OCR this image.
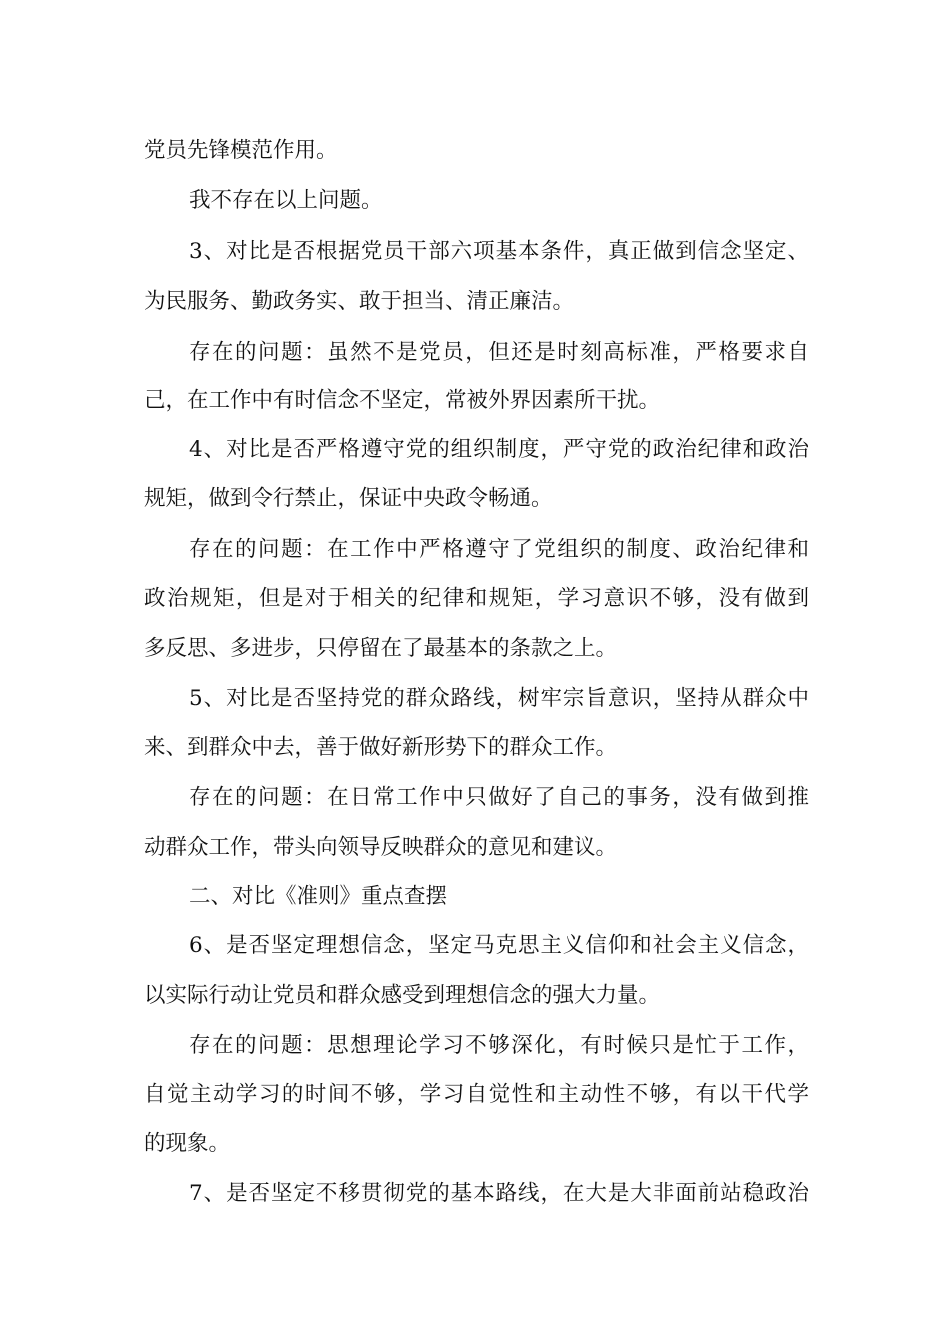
党员先锋模范作用。
我不存在以上问题。
3、对比是否根据党员干部六项基本条件，真正做到信念坚定、
为民服务、勤政务实、敢于担当、清正廉洁。
存在的问题：虽然不是党员，但还是时刻高标准，严格要求自
己，在工作中有时信念不坚定，常被外界因素所干扰。
4、对比是否严格遵守党的组织制度，严守党的政治纪律和政治
规矩，做到令行禁止，保证中央政令畅通。
存在的问题：在工作中严格遵守了党组织的制度、政治纪律和
政治规矩，但是对于相关的纪律和规矩，学习意识不够，没有做到
多反思、多进步，只停留在了最基本的条款之上。
5、对比是否坚持党的群众路线，树牢宗旨意识，坚持从群众中
来、到群众中去，善于做好新形势下的群众工作。
存在的问题：在日常工作中只做好了自己的事务，没有做到推
动群众工作，带头向领导反映群众的意见和建议。
二、对比《准则》重点查摆
6、是否坚定理想信念，坚定马克思主义信仰和社会主义信念，
以实际行动让党员和群众感受到理想信念的强大力量。
存在的问题：思想理论学习不够深化，有时候只是忙于工作，
自觉主动学习的时间不够，学习自觉性和主动性不够，有以干代学
的现象。
7、是否坚定不移贯彻党的基本路线，在大是大非面前站稳政治
